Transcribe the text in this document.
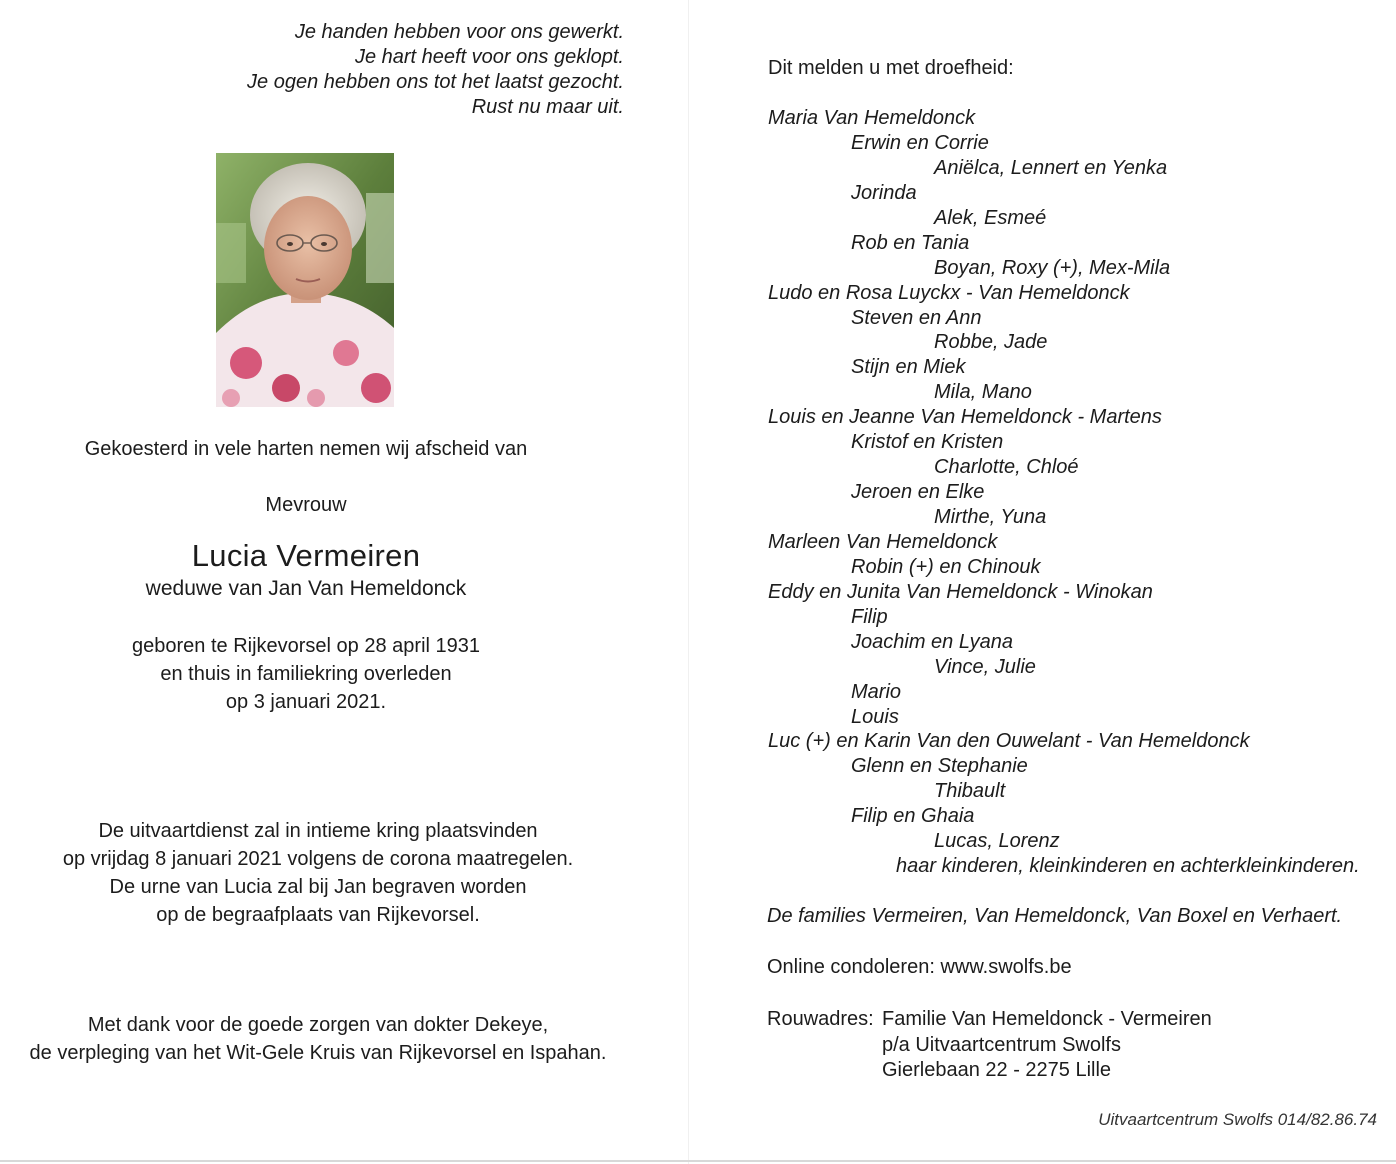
Je handen hebben voor ons gewerkt.
Je hart heeft voor ons geklopt.
Je ogen hebben ons tot het laatst gezocht.
Rust nu maar uit.
Gekoesterd in vele harten nemen wij afscheid van
Mevrouw
Lucia Vermeiren
weduwe van Jan Van Hemeldonck
geboren te Rijkevorsel op 28 april 1931
en thuis in familiekring overleden
op 3 januari 2021.
De uitvaartdienst zal in intieme kring plaatsvinden
op vrijdag 8 januari 2021 volgens de corona maatregelen.
De urne van Lucia zal bij Jan begraven worden
op de begraafplaats van Rijkevorsel.
Met dank voor de goede zorgen van dokter Dekeye,
de verpleging van het Wit-Gele Kruis van Rijkevorsel en Ispahan.
Dit melden u met droefheid:
Maria Van Hemeldonck
Erwin en Corrie
Aniëlca, Lennert en Yenka
Jorinda
Alek, Esmeé
Rob en Tania
Boyan, Roxy (+), Mex-Mila
Ludo en Rosa Luyckx - Van Hemeldonck
Steven en Ann
Robbe, Jade
Stijn en Miek
Mila, Mano
Louis en Jeanne Van Hemeldonck - Martens
Kristof en Kristen
Charlotte, Chloé
Jeroen en Elke
Mirthe, Yuna
Marleen Van Hemeldonck
Robin (+) en Chinouk
Eddy en Junita Van Hemeldonck - Winokan
Filip
Joachim en Lyana
Vince, Julie
Mario
Louis
Luc (+) en Karin Van den Ouwelant - Van Hemeldonck
Glenn en Stephanie
Thibault
Filip en Ghaia
Lucas, Lorenz
haar kinderen, kleinkinderen en achterkleinkinderen.
De families Vermeiren, Van Hemeldonck, Van Boxel en Verhaert.
Online condoleren: www.swolfs.be
Rouwadres: Familie Van Hemeldonck - Vermeiren
p/a Uitvaartcentrum Swolfs
Gierlebaan 22 - 2275 Lille
Uitvaartcentrum Swolfs 014/82.86.74
